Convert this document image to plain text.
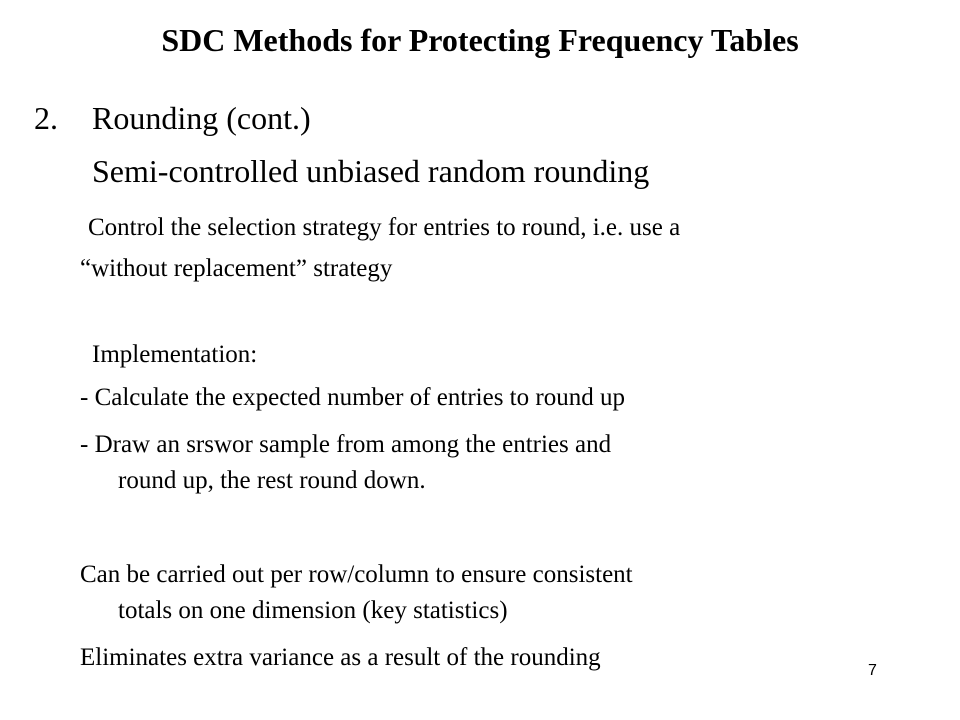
SDC Methods for Protecting Frequency Tables
2. Rounding (cont.)
Semi-controlled unbiased random rounding
Control the selection strategy for entries to round, i.e. use a
“without replacement” strategy
Implementation:
- Calculate the expected number of entries to round up
- Draw an srswor sample from among the entries and
round up, the rest round down.
Can be carried out per row/column to ensure consistent
totals on one dimension (key statistics)
Eliminates extra variance as a result of the rounding	7
